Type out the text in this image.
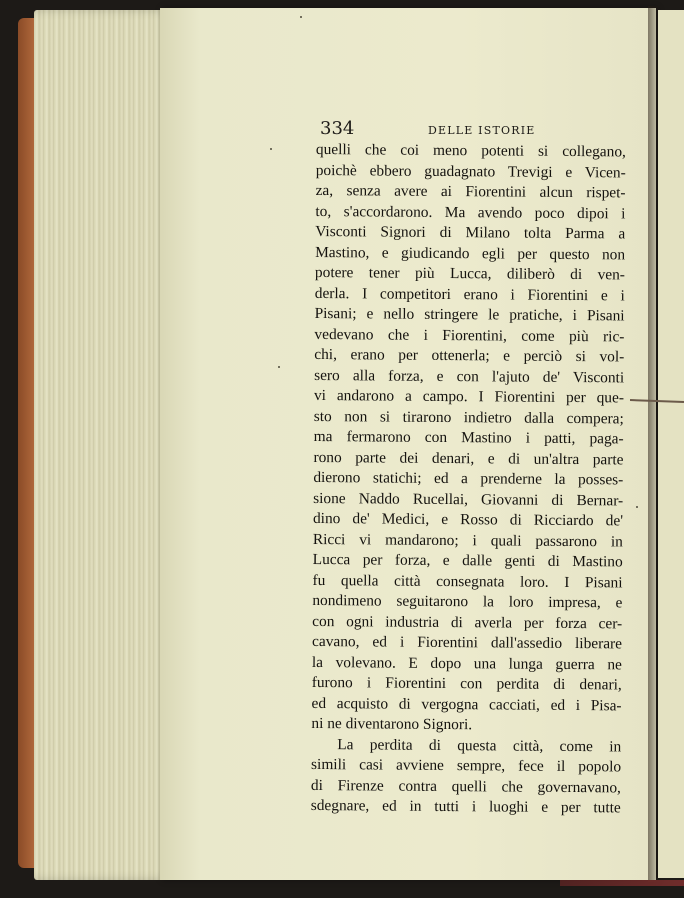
334	DELLE ISTORIE
quelli che coi meno potenti si collegano,
poichè ebbero guadagnato Trevigi e Vicen-
za, senza avere ai Fiorentini alcun rispet-
to, s'accordarono. Ma avendo poco dipoi i
Visconti Signori di Milano tolta Parma a
Mastino, e giudicando egli per questo non
potere tener più Lucca, diliberò di ven-
derla. I competitori erano i Fiorentini e i
Pisani; e nello stringere le pratiche, i Pisani
vedevano che i Fiorentini, come più ric-
chi, erano per ottenerla; e perciò si vol-
sero alla forza, e con l'ajuto de' Visconti
vi andarono a campo. I Fiorentini per que-
sto non si tirarono indietro dalla compera;
ma fermarono con Mastino i patti, paga-
rono parte dei denari, e di un'altra parte
dierono statichi; ed a prenderne la posses-
sione Naddo Rucellai, Giovanni di Bernar-
dino de' Medici, e Rosso di Ricciardo de'
Ricci vi mandarono; i quali passarono in
Lucca per forza, e dalle genti di Mastino
fu quella città consegnata loro. I Pisani
nondimeno seguitarono la loro impresa, e
con ogni industria di averla per forza cer-
cavano, ed i Fiorentini dall'assedio liberare
la volevano. E dopo una lunga guerra ne
furono i Fiorentini con perdita di denari,
ed acquisto di vergogna cacciati, ed i Pisa-
ni ne diventarono Signori.
La perdita di questa città, come in
simili casi avviene sempre, fece il popolo
di Firenze contra quelli che governavano,
sdegnare, ed in tutti i luoghi e per tutte
